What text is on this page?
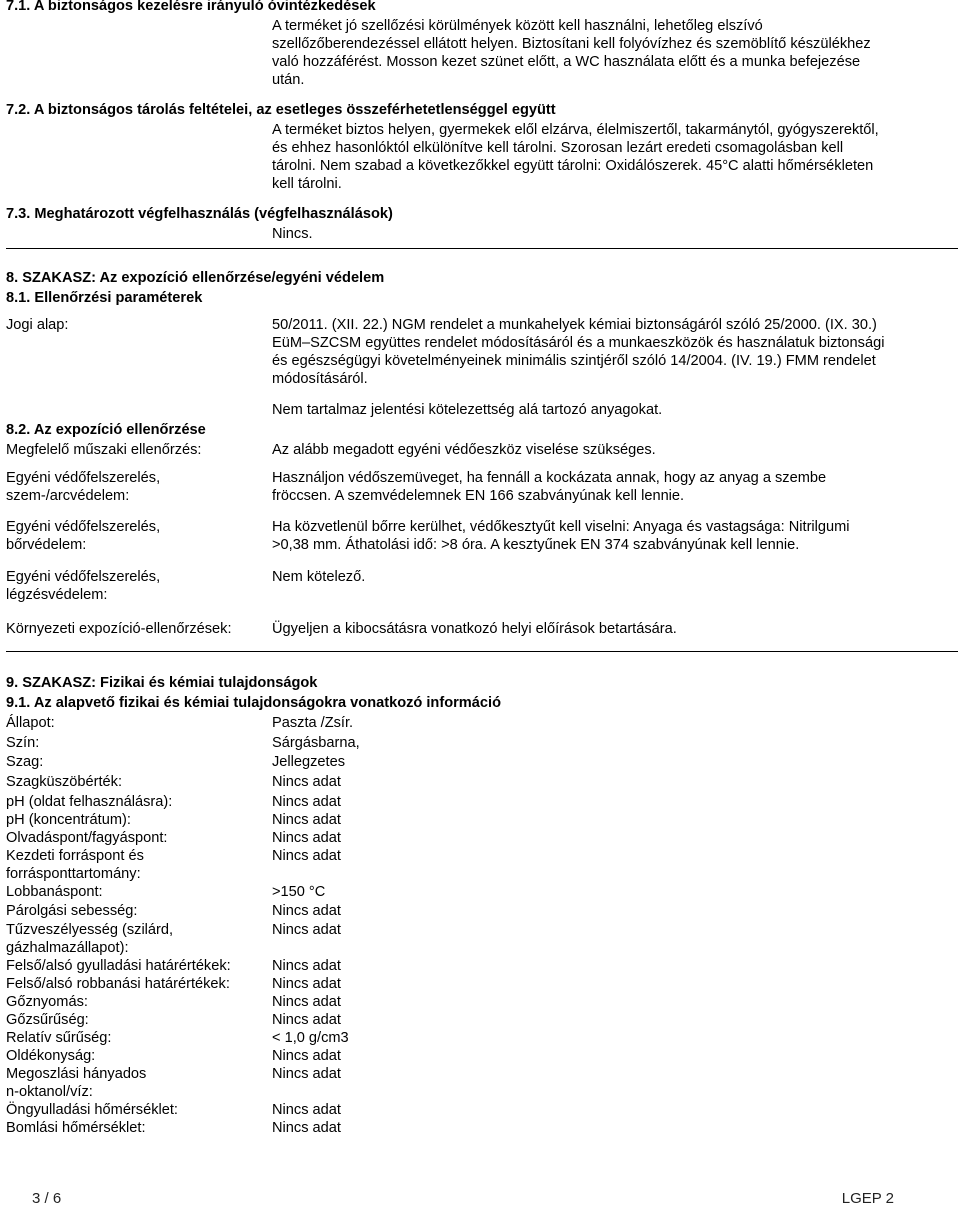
7.1. A biztonságos kezelésre irányuló óvintézkedések
A terméket jó szellőzési körülmények között kell használni, lehetőleg elszívó
szellőzőberendezéssel ellátott helyen. Biztosítani kell folyóvízhez és szemöblítő készülékhez
való hozzáférést. Mosson kezet szünet előtt, a WC használata előtt és a munka befejezése
után.
7.2. A biztonságos tárolás feltételei, az esetleges összeférhetetlenséggel együtt
A terméket biztos helyen, gyermekek elől elzárva, élelmiszertől, takarmánytól, gyógyszerektől,
és ehhez hasonlóktól elkülönítve kell tárolni. Szorosan lezárt eredeti csomagolásban kell
tárolni. Nem szabad a következőkkel együtt tárolni: Oxidálószerek. 45°C alatti hőmérsékleten
kell tárolni.
7.3. Meghatározott végfelhasználás (végfelhasználások)
Nincs.
8. SZAKASZ: Az expozíció ellenőrzése/egyéni védelem
8.1. Ellenőrzési paraméterek
Jogi alap:	50/2011. (XII. 22.) NGM rendelet a munkahelyek kémiai biztonságáról szóló 25/2000. (IX. 30.)
EüM–SZCSM együttes rendelet módosításáról és a munkaeszközök és használatuk biztonsági
és egészségügyi követelményeinek minimális szintjéről szóló 14/2004. (IV. 19.) FMM rendelet
módosításáról.
Nem tartalmaz jelentési kötelezettség alá tartozó anyagokat.
8.2. Az expozíció ellenőrzése
Megfelelő műszaki ellenőrzés:	Az alább megadott egyéni védőeszköz viselése szükséges.
Egyéni védőfelszerelés,
szem-/arcvédelem:
Használjon védőszemüveget, ha fennáll a kockázata annak, hogy az anyag a szembe
fröccsen. A szemvédelemnek EN 166 szabványúnak kell lennie.
Egyéni védőfelszerelés,
bőrvédelem:
Ha közvetlenül bőrre kerülhet, védőkesztyűt kell viselni: Anyaga és vastagsága: Nitrilgumi
>0,38 mm. Áthatolási idő: >8 óra. A kesztyűnek EN 374 szabványúnak kell lennie.
Egyéni védőfelszerelés,
légzésvédelem:
Nem kötelező.
Környezeti expozíció-ellenőrzések:	Ügyeljen a kibocsátásra vonatkozó helyi előírások betartására.
9. SZAKASZ: Fizikai és kémiai tulajdonságok
9.1. Az alapvető fizikai és kémiai tulajdonságokra vonatkozó információ
Állapot:	Paszta /Zsír.
Szín:	Sárgásbarna,
Szag:	Jellegzetes
Szagküszöbérték:	Nincs adat
pH (oldat felhasználásra):	Nincs adat
pH (koncentrátum):	Nincs adat
Olvadáspont/fagyáspont:	Nincs adat
Kezdeti forráspont és
forrásponttartomány:
Nincs adat
Lobbanáspont:	>150 °C
Párolgási sebesség:	Nincs adat
Tűzveszélyesség (szilárd,
gázhalmazállapot):
Nincs adat
Felső/alsó gyulladási határértékek:	Nincs adat
Felső/alsó robbanási határértékek:	Nincs adat
Gőznyomás:	Nincs adat
Gőzsűrűség:	Nincs adat
Relatív sűrűség:	< 1,0 g/cm3
Oldékonyság:	Nincs adat
Megoszlási hányados
n-oktanol/víz:
Nincs adat
Öngyulladási hőmérséklet:	Nincs adat
Bomlási hőmérséklet:	Nincs adat
3 / 6	LGEP 2
